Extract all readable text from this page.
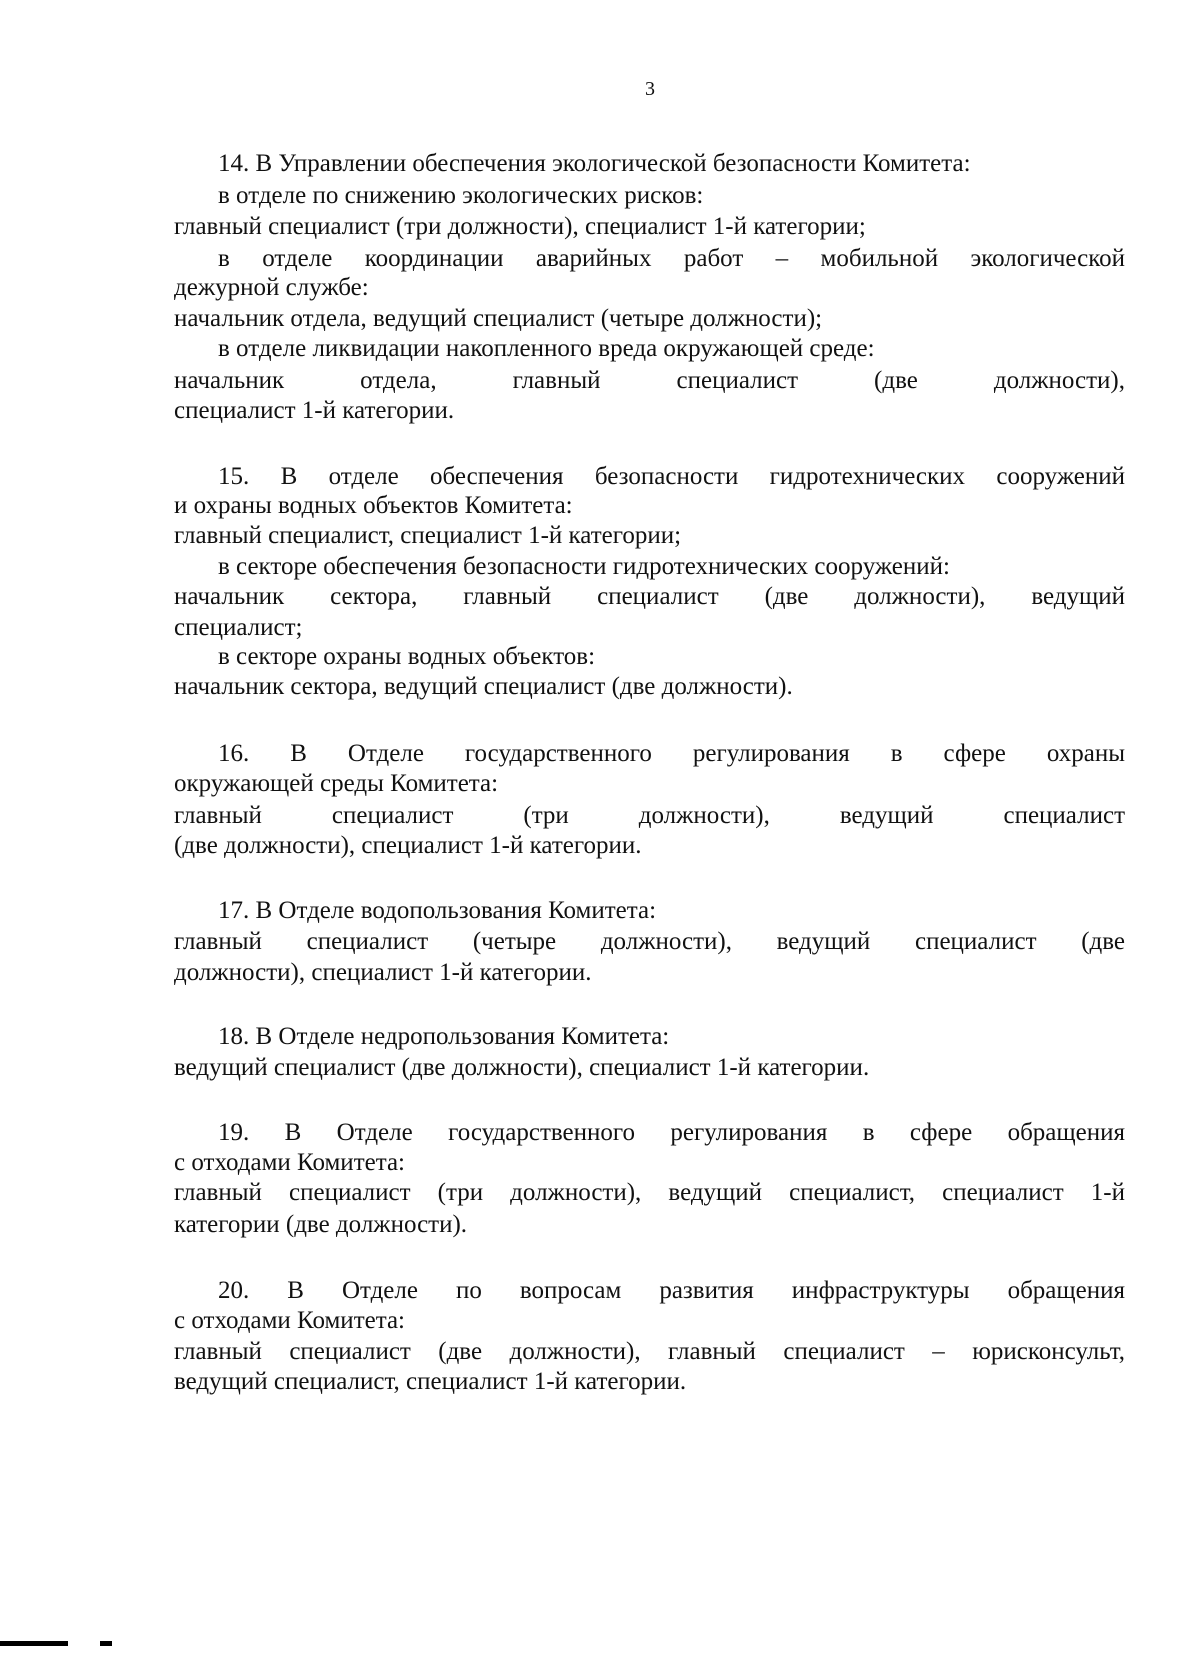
3
14. В Управлении обеспечения экологической безопасности Комитета:
в отделе по снижению экологических рисков:
главный специалист (три должности), специалист 1-й категории;
в отделе координации аварийных работ – мобильной экологической
дежурной службе:
начальник отдела, ведущий специалист (четыре должности);
в отделе ликвидации накопленного вреда окружающей среде:
начальник отдела, главный специалист (две должности),
специалист 1-й категории.
15. В отделе обеспечения безопасности гидротехнических сооружений
и охраны водных объектов Комитета:
главный специалист, специалист 1-й категории;
в секторе обеспечения безопасности гидротехнических сооружений:
начальник сектора, главный специалист (две должности), ведущий
специалист;
в секторе охраны водных объектов:
начальник сектора, ведущий специалист (две должности).
16. В Отделе государственного регулирования в сфере охраны
окружающей среды Комитета:
главный специалист (три должности), ведущий специалист
(две должности), специалист 1-й категории.
17. В Отделе водопользования Комитета:
главный специалист (четыре должности), ведущий специалист (две
должности), специалист 1-й категории.
18. В Отделе недропользования Комитета:
ведущий специалист (две должности), специалист 1-й категории.
19. В Отделе государственного регулирования в сфере обращения
с отходами Комитета:
главный специалист (три должности), ведущий специалист, специалист 1-й
категории (две должности).
20. В Отделе по вопросам развития инфраструктуры обращения
с отходами Комитета:
главный специалист (две должности), главный специалист – юрисконсульт,
ведущий специалист, специалист 1-й категории.
